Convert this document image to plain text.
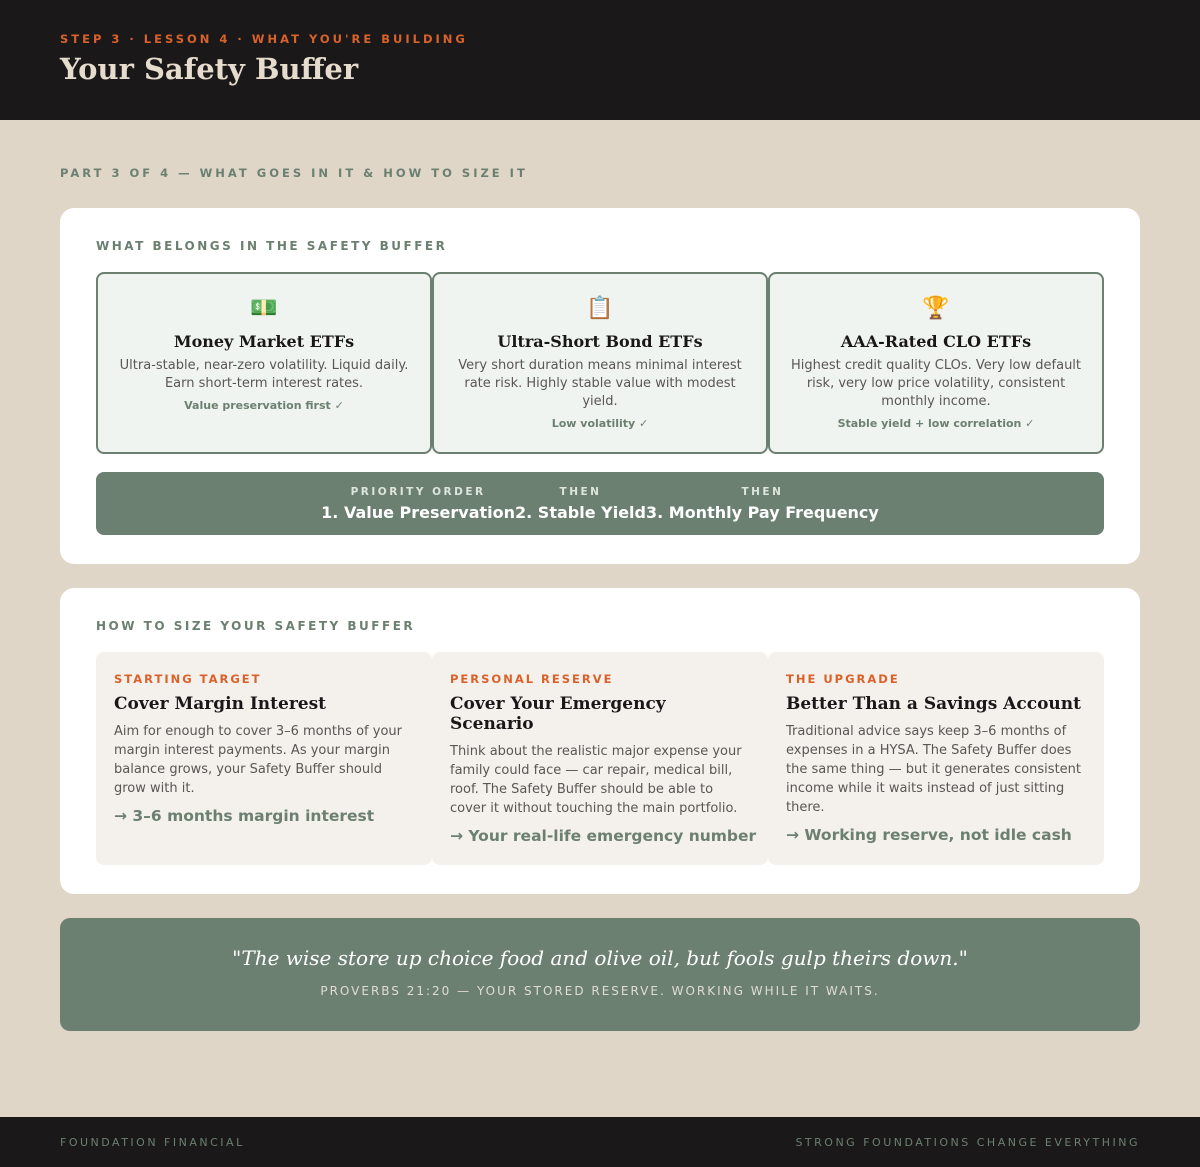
STEP 3 · LESSON 4 · WHAT YOU'RE BUILDING
Your Safety Buffer
PART 3 OF 4 — WHAT GOES IN IT & HOW TO SIZE IT
WHAT BELONGS IN THE SAFETY BUFFER
💵
Money Market ETFs
Ultra-stable, near-zero volatility. Liquid daily. Earn short-term interest rates.
Value preservation first ✓
📋
Ultra-Short Bond ETFs
Very short duration means minimal interest rate risk. Highly stable value with modest yield.
Low volatility ✓
🏆
AAA-Rated CLO ETFs
Highest credit quality CLOs. Very low default risk, very low price volatility, consistent monthly income.
Stable yield + low correlation ✓
PRIORITY ORDER
1. Value Preservation
THEN
2. Stable Yield
THEN
3. Monthly Pay Frequency
HOW TO SIZE YOUR SAFETY BUFFER
STARTING TARGET
Cover Margin Interest
Aim for enough to cover 3–6 months of your margin interest payments. As your margin balance grows, your Safety Buffer should grow with it.
→ 3–6 months margin interest
PERSONAL RESERVE
Cover Your Emergency Scenario
Think about the realistic major expense your family could face — car repair, medical bill, roof. The Safety Buffer should be able to cover it without touching the main portfolio.
→ Your real-life emergency number
THE UPGRADE
Better Than a Savings Account
Traditional advice says keep 3–6 months of expenses in a HYSA. The Safety Buffer does the same thing — but it generates consistent income while it waits instead of just sitting there.
→ Working reserve, not idle cash
"The wise store up choice food and olive oil, but fools gulp theirs down."
PROVERBS 21:20 — YOUR STORED RESERVE. WORKING WHILE IT WAITS.
FOUNDATION FINANCIAL	STRONG FOUNDATIONS CHANGE EVERYTHING
